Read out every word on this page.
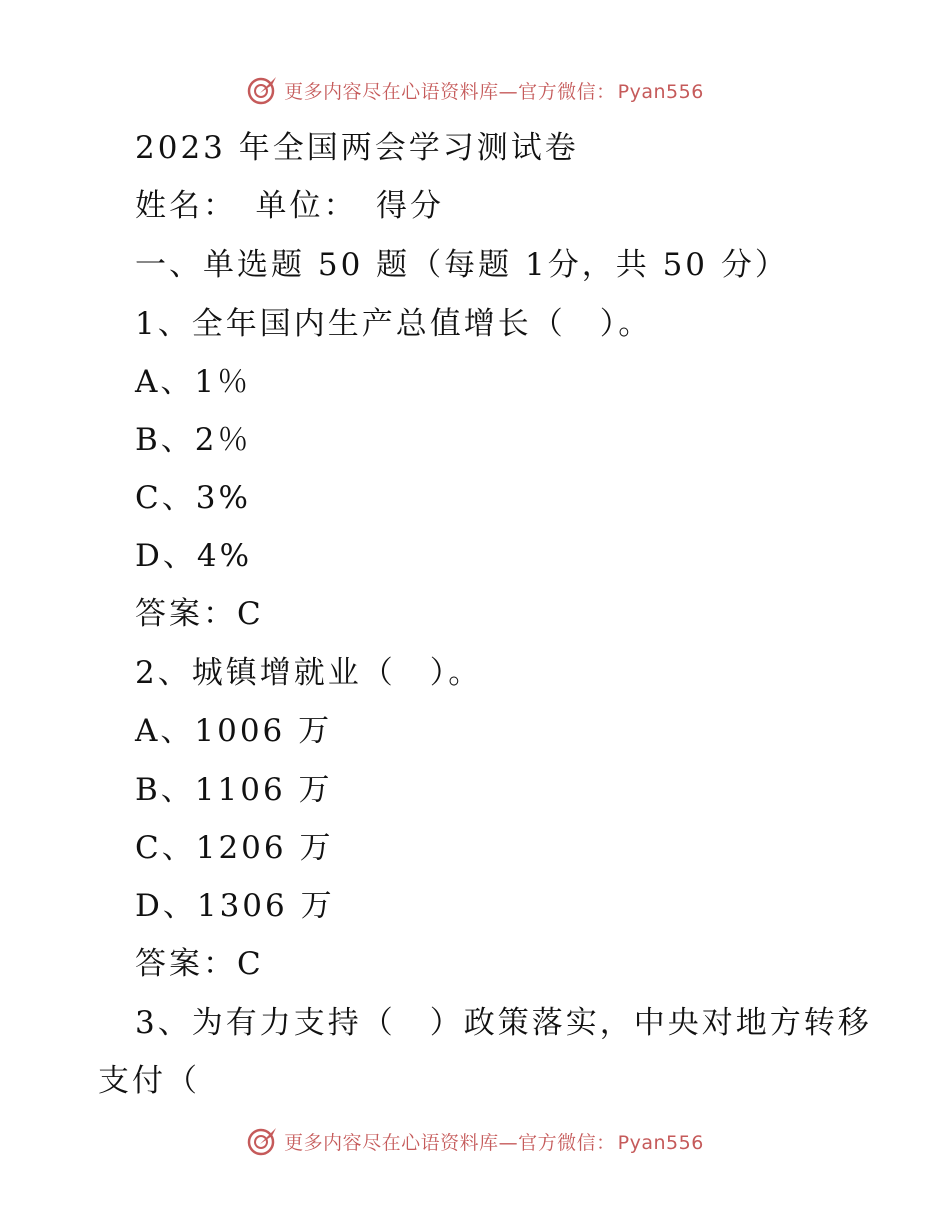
更多内容尽在心语资料库—官方微信： Pyan556
2023 年全国两会学习测试卷
姓名：　单位：　得分
一、单选题 50 题（每题 1分，共 50 分）
1、全年国内生产总值增长（　）。
A、1％
B、2％
C、3%
D、4%
答案：C
2、城镇增就业（　）。
A、1006 万
B、1106 万
C、1206 万
D、1306 万
答案：C
3、为有力支持（　）政策落实，中央对地方转移
支付（
更多内容尽在心语资料库—官方微信： Pyan556
